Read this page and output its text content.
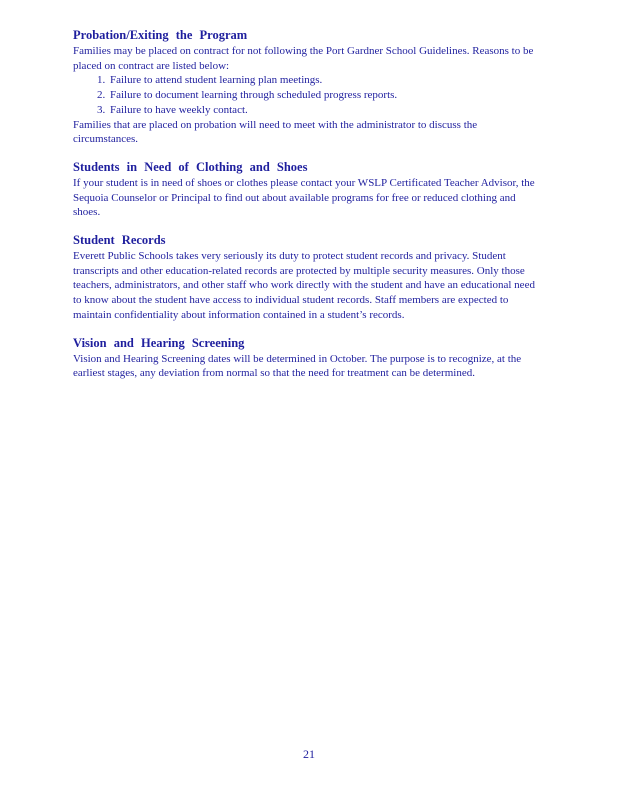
Probation/Exiting the Program

Families may be placed on contract for not following the Port Gardner School Guidelines. Reasons to be placed on contract are listed below:

1. Failure to attend student learning plan meetings.
2. Failure to document learning through scheduled progress reports.
3. Failure to have weekly contact.

Families that are placed on probation will need to meet with the administrator to discuss the circumstances.

Students in Need of Clothing and Shoes

If your student is in need of shoes or clothes please contact your WSLP Certificated Teacher Advisor, the Sequoia Counselor or Principal to find out about available programs for free or reduced clothing and shoes.

Student Records

Everett Public Schools takes very seriously its duty to protect student records and privacy. Student transcripts and other education-related records are protected by multiple security measures. Only those teachers, administrators, and other staff who work directly with the student and have an educational need to know about the student have access to individual student records. Staff members are expected to maintain confidentiality about information contained in a student’s records.

Vision and Hearing Screening

Vision and Hearing Screening dates will be determined in October. The purpose is to recognize, at the earliest stages, any deviation from normal so that the need for treatment can be determined.

21
